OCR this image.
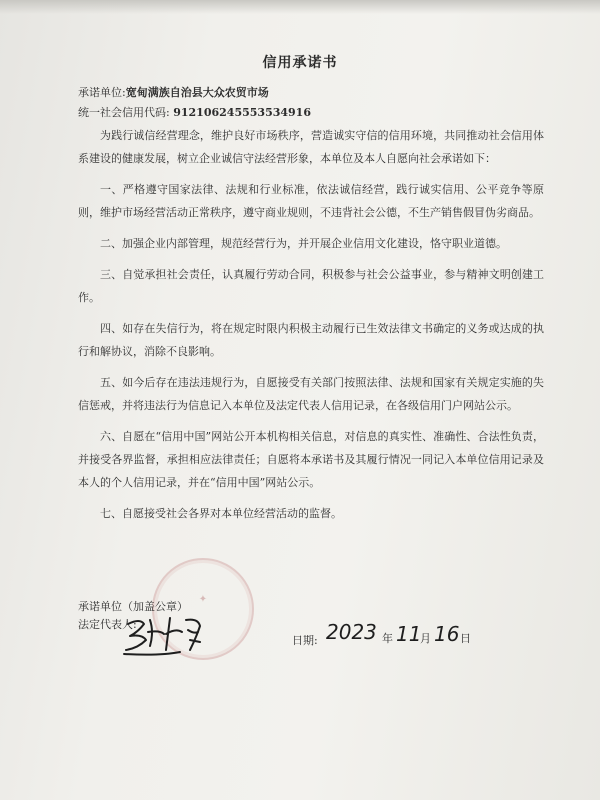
信用承诺书
承诺单位:宽甸满族自治县大众农贸市场
统一社会信用代码: 912106245553534916

为践行诚信经营理念，维护良好市场秩序，营造诚实守信的信用环境，共同推动社会信用体系建设的健康发展，树立企业诚信守法经营形象，本单位及本人自愿向社会承诺如下：

一、严格遵守国家法律、法规和行业标准，依法诚信经营，践行诚实信用、公平竞争等原则，维护市场经营活动正常秩序，遵守商业规则，不违背社会公德，不生产销售假冒伪劣商品。

二、加强企业内部管理，规范经营行为，并开展企业信用文化建设，恪守职业道德。

三、自觉承担社会责任，认真履行劳动合同，积极参与社会公益事业，参与精神文明创建工作。

四、如存在失信行为，将在规定时限内积极主动履行已生效法律文书确定的义务或达成的执行和解协议，消除不良影响。

五、如今后存在违法违规行为，自愿接受有关部门按照法律、法规和国家有关规定实施的失信惩戒，并将违法行为信息记入本单位及法定代表人信用记录，在各级信用门户网站公示。

六、自愿在“信用中国”网站公开本机构相关信息，对信息的真实性、准确性、合法性负责，并接受各界监督，承担相应法律责任；自愿将本承诺书及其履行情况一同记入本单位信用记录及本人的个人信用记录，并在“信用中国”网站公示。

七、自愿接受社会各界对本单位经营活动的监督。

✦
承诺单位（加盖公章）
法定代表人:
日期: 2023 年 11
月 16 日
